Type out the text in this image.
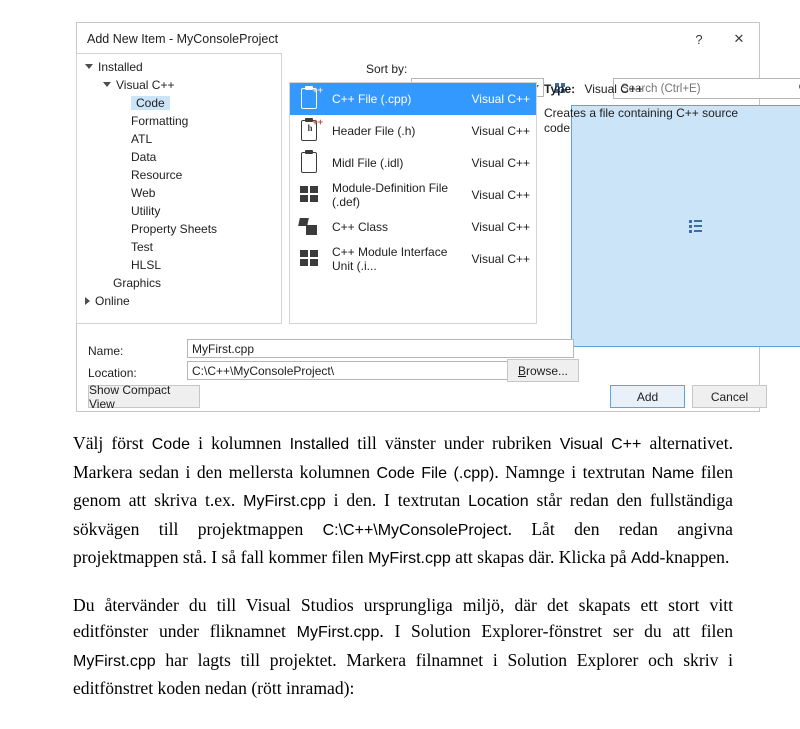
Add New Item - MyConsoleProject	?	✕
Sort by:
Search (Ctrl+E)
Name:
MyFirst.cpp
Location:
C:\C++\MyConsoleProject\	Browse...
Show Compact View	Add	Cancel
Installed
Visual C++
Code
Formatting
ATL
Data
Resource
Web
Utility
Property Sheets
Test
HLSL
Graphics
Online
++
C++ File (.cpp)	Visual C++
h
++
Header File (.h)	Visual C++
Midl File (.idl)	Visual C++
Module-Definition File (.def)	Visual C++
C++ Class	Visual C++
C++ Module Interface Unit (.i...	Visual C++
Type: Visual C++
Creates a file containing C++ source code

Välj först Code i kolumnen Installed till vänster under rubriken Visual C++ alternativet. Markera sedan i den mellersta kolumnen Code File (.cpp). Namnge i textrutan Name filen genom att skriva t.ex. MyFirst.cpp i den. I textrutan Location står redan den fullständiga sökvägen till projektmappen C:\C++\MyConsoleProject. Låt den redan angivna projektmappen stå. I så fall kommer filen MyFirst.cpp att skapas där. Klicka på Add-knappen.

Du återvänder du till Visual Studios ursprungliga miljö, där det skapats ett stort vitt editfönster under fliknamnet MyFirst.cpp. I Solution Explorer-fönstret ser du att filen MyFirst.cpp har lagts till projektet. Markera filnamnet i Solution Explorer och skriv i editfönstret koden nedan (rött inramad):
